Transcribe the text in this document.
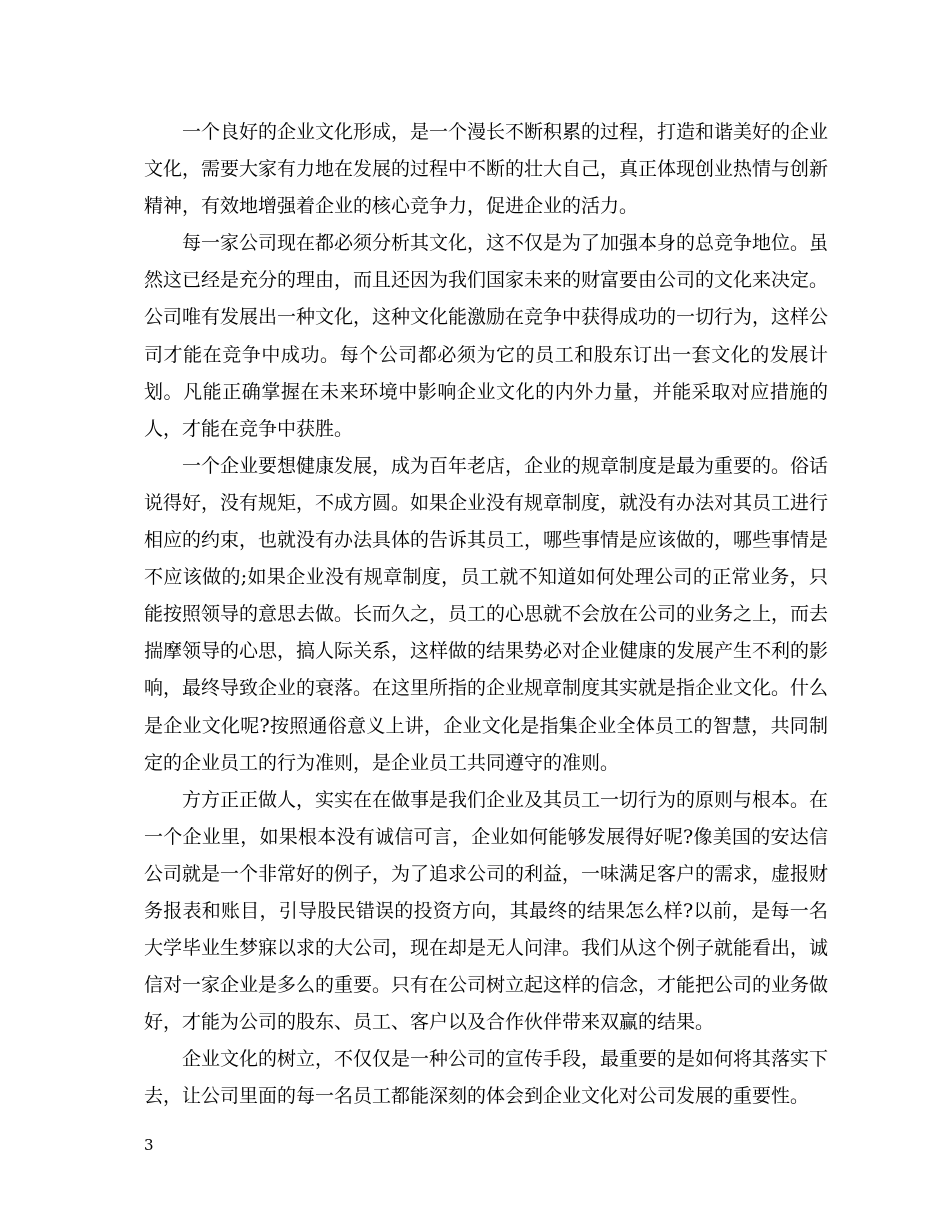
一个良好的企业文化形成，是一个漫长不断积累的过程，打造和谐美好的企业文化，需要大家有力地在发展的过程中不断的壮大自己，真正体现创业热情与创新精神，有效地增强着企业的核心竞争力，促进企业的活力。

每一家公司现在都必须分析其文化，这不仅是为了加强本身的总竞争地位。虽然这已经是充分的理由，而且还因为我们国家未来的财富要由公司的文化来决定。公司唯有发展出一种文化，这种文化能激励在竞争中获得成功的一切行为，这样公司才能在竞争中成功。每个公司都必须为它的员工和股东订出一套文化的发展计划。凡能正确掌握在未来环境中影响企业文化的内外力量，并能采取对应措施的人，才能在竞争中获胜。

一个企业要想健康发展，成为百年老店，企业的规章制度是最为重要的。俗话说得好，没有规矩，不成方圆。如果企业没有规章制度，就没有办法对其员工进行相应的约束，也就没有办法具体的告诉其员工，哪些事情是应该做的，哪些事情是不应该做的;如果企业没有规章制度，员工就不知道如何处理公司的正常业务，只能按照领导的意思去做。长而久之，员工的心思就不会放在公司的业务之上，而去揣摩领导的心思，搞人际关系，这样做的结果势必对企业健康的发展产生不利的影响，最终导致企业的衰落。在这里所指的企业规章制度其实就是指企业文化。什么是企业文化呢?按照通俗意义上讲，企业文化是指集企业全体员工的智慧，共同制定的企业员工的行为准则，是企业员工共同遵守的准则。

方方正正做人，实实在在做事是我们企业及其员工一切行为的原则与根本。在一个企业里，如果根本没有诚信可言，企业如何能够发展得好呢?像美国的安达信公司就是一个非常好的例子，为了追求公司的利益，一味满足客户的需求，虚报财务报表和账目，引导股民错误的投资方向，其最终的结果怎么样?以前，是每一名大学毕业生梦寐以求的大公司，现在却是无人问津。我们从这个例子就能看出，诚信对一家企业是多么的重要。只有在公司树立起这样的信念，才能把公司的业务做好，才能为公司的股东、员工、客户以及合作伙伴带来双赢的结果。

企业文化的树立，不仅仅是一种公司的宣传手段，最重要的是如何将其落实下去，让公司里面的每一名员工都能深刻的体会到企业文化对公司发展的重要性。

3
